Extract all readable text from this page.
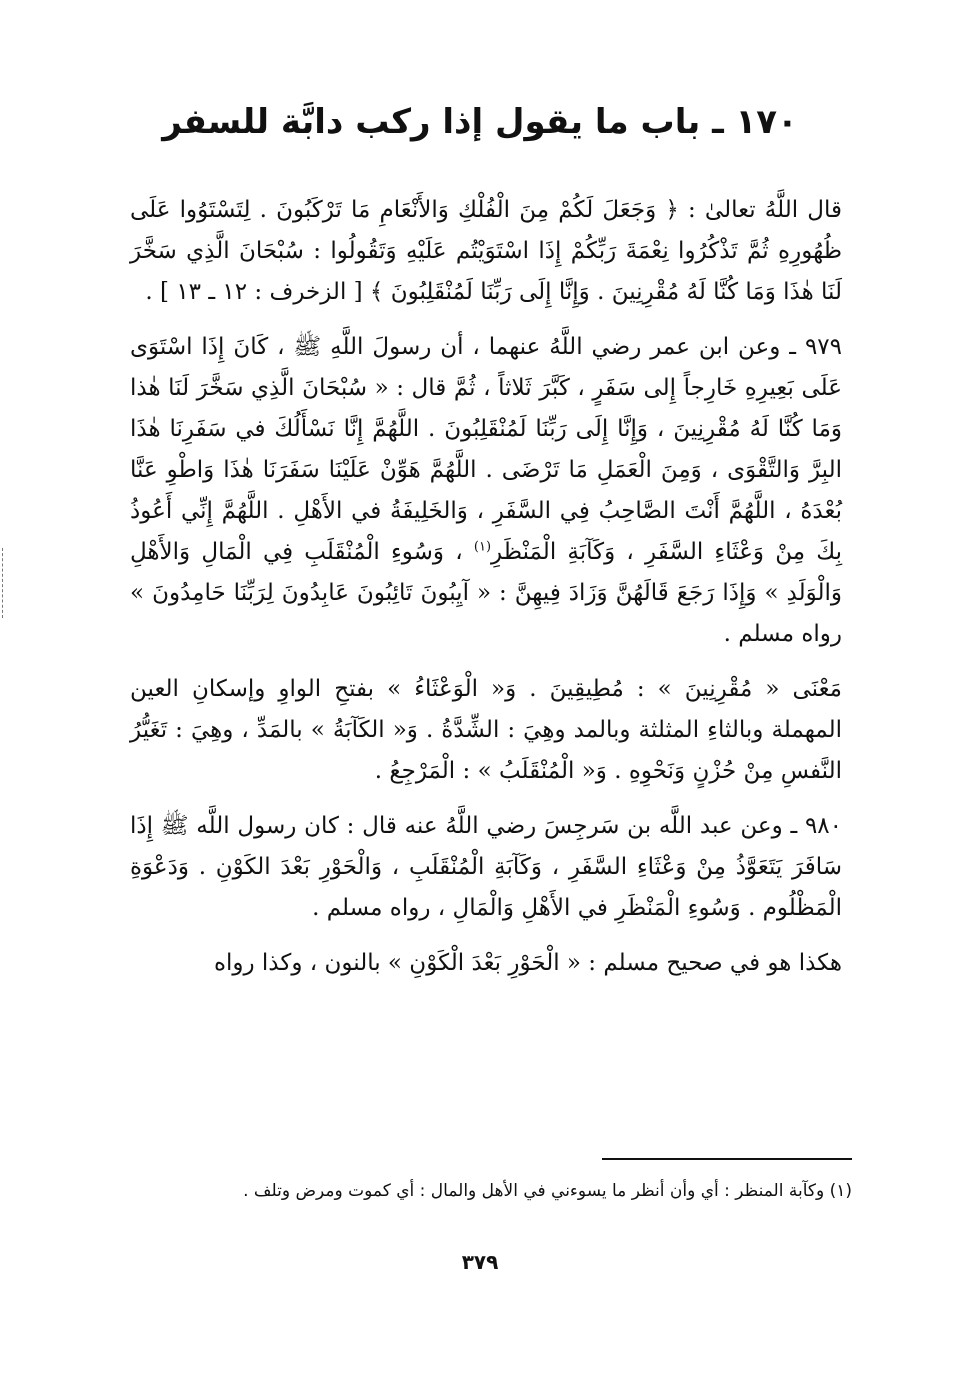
١٧٠ ـ باب ما يقول إذا ركب دابَّة للسفر

قال اللَّهُ تعالىٰ : ﴿ وَجَعَلَ لَكُمْ مِنَ الْفُلْكِ وَالأَنْعَامِ مَا تَرْكَبُونَ . لِتَسْتَوُوا عَلَى ظُهُورِهِ ثُمَّ تَذْكُرُوا نِعْمَةَ رَبِّكُمْ إِذَا اسْتَوَيْتُم عَلَيْهِ وَتَقُولُوا : سُبْحَانَ الَّذِي سَخَّرَ لَنَا هٰذَا وَمَا كُنَّا لَهُ مُقْرِنِينَ . وَإِنَّا إِلَى رَبِّنَا لَمُنْقَلِبُونَ ﴾ [ الزخرف : ١٢ ـ ١٣ ] .

٩٧٩ ـ وعن ابن عمر رضي اللَّهُ عنهما ، أن رسولَ اللَّهِ ﷺ ، كَانَ إِذَا اسْتَوَى عَلَى بَعِيرِهِ خَارِجاً إِلى سَفَرٍ ، كَبَّرَ ثَلاثاً ، ثُمَّ قال : « سُبْحَانَ الَّذِي سَخَّرَ لَنَا هٰذا وَمَا كُنَّا لَهُ مُقْرِنِينَ ، وَإِنَّا إِلَى رَبِّنَا لَمُنْقَلِبُونَ . اللَّهُمَّ إِنَّا نَسْأَلُكَ في سَفَرِنَا هٰذَا البِرَّ وَالتَّقْوَى ، وَمِنَ الْعَمَلِ مَا تَرْضَى . اللَّهُمَّ هَوِّنْ عَلَيْنَا سَفَرَنَا هٰذَا وَاطْوِ عَنَّا بُعْدَهُ ، اللَّهُمَّ أَنْتَ الصَّاحِبُ فِي السَّفَرِ ، وَالخَلِيفَةُ في الأَهْلِ . اللَّهُمَّ إِنِّي أَعُوذُ بِكَ مِنْ وَعْثَاءِ السَّفَرِ ، وَكَآبَةِ الْمَنْظَرِ$^{(١)}$ ، وَسُوءِ الْمُنْقَلَبِ فِي الْمَالِ وَالأَهْلِ وَالْوَلَدِ » وَإِذَا رَجَعَ قَالَهُنَّ وَزَادَ فِيهِنَّ : « آيِبُونَ تَائِبُونَ عَابِدُونَ لِرَبِّنَا حَامِدُونَ » رواه مسلم .

مَعْنَى « مُقْرِنِينَ » : مُطِيقِينَ . وَ« الْوَعْثَاءُ » بفتحِ الواوِ وإسكانِ العين المهملة وبالثاءِ المثلثة وبالمد وهِيَ : الشِّدَّةُ . وَ« الكَآبَةُ » بالمَدِّ ، وهِيَ : تَغَيُّرُ النَّفسِ مِنْ حُزْنٍ وَنَحْوِهِ . وَ« الْمُنْقَلَبُ » : الْمَرْجِعُ .

٩٨٠ ـ وعن عبد اللَّه بن سَرجِسَ رضي اللَّهُ عنه قال : كان رسول اللَّه ﷺ إِذَا سَافَرَ يَتَعَوَّذُ مِنْ وَعْثَاءِ السَّفَرِ ، وَكَآبَةِ الْمُنْقَلَبِ ، وَالْحَوْرِ بَعْدَ الكَوْنِ . وَدَعْوَةِ الْمَظْلُوم . وَسُوءِ الْمَنْظَرِ في الأَهْلِ وَالْمَالِ ، رواه مسلم .

هكذا هو في صحيح مسلم : « الْحَوْرِ بَعْدَ الْكَوْنِ » بالنون ، وكذا رواه

(١) وكآبة المنظر : أي وأن أنظر ما يسوءني في الأهل والمال : أي كموت ومرض وتلف .

٣٧٩
